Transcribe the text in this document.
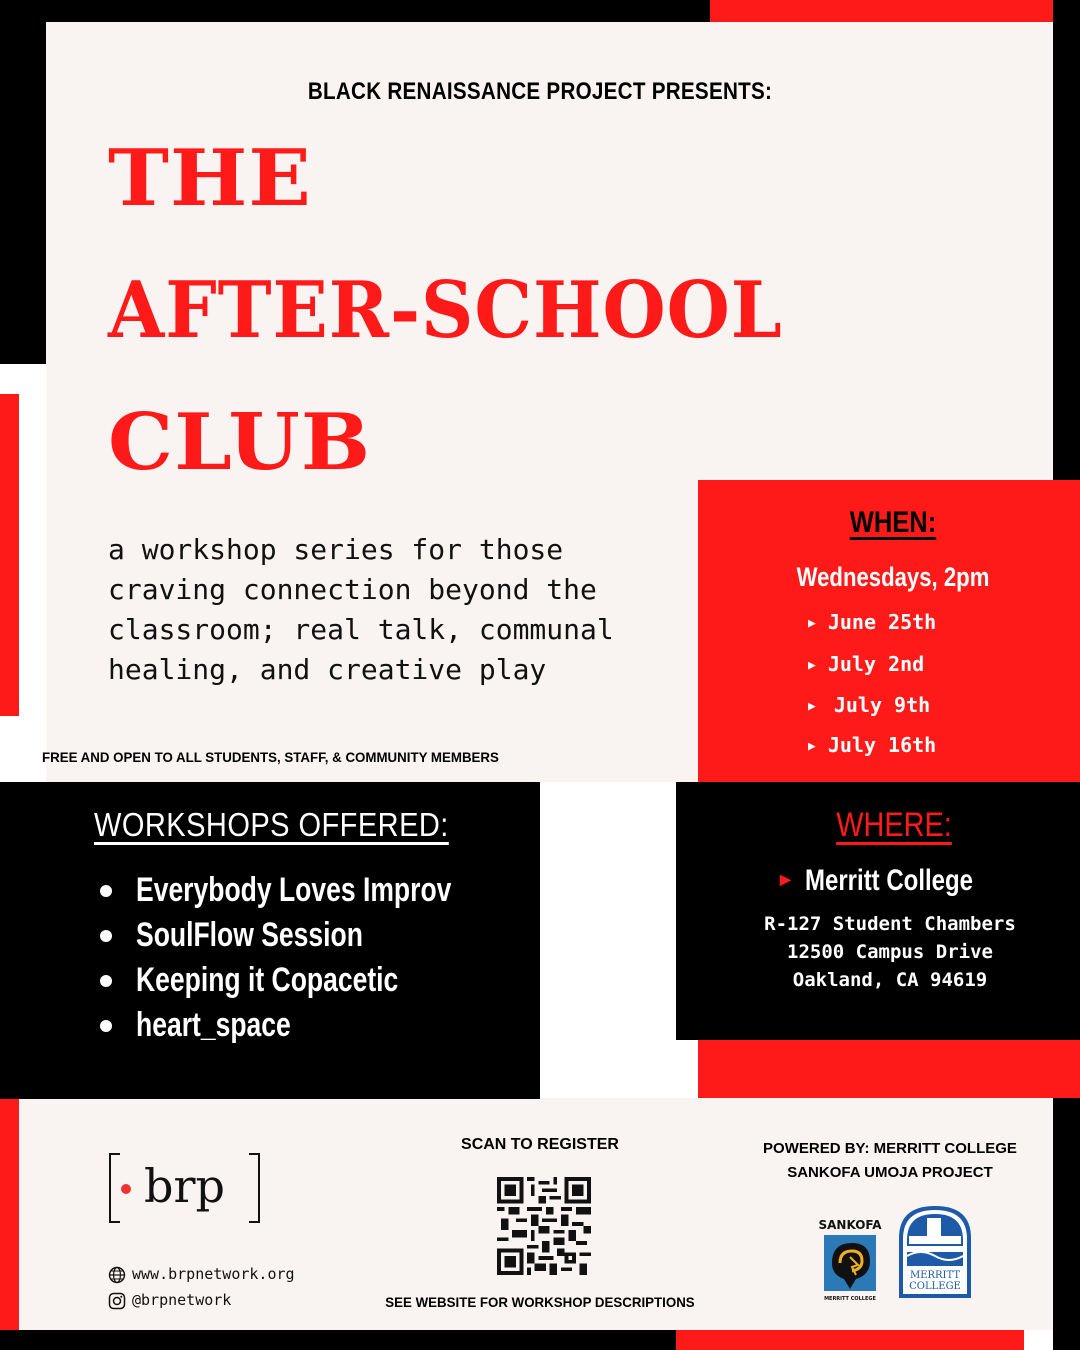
BLACK RENAISSANCE PROJECT PRESENTS:
THE
AFTER-SCHOOL
CLUB
a workshop series for those
craving connection beyond the
classroom; real talk, communal
healing, and creative play
FREE AND OPEN TO ALL STUDENTS, STAFF, & COMMUNITY MEMBERS
WHEN:
Wednesdays, 2pm
▶ June 25th
▶ July 2nd
▶ July 9th
▶ July 16th
WORKSHOPS OFFERED:
Everybody Loves Improv
SoulFlow Session
Keeping it Copacetic
heart_space
WHERE:
▶ Merritt College
R-127 Student Chambers
12500 Campus Drive
Oakland, CA 94619
brp
www.brpnetwork.org
@brpnetwork
SCAN TO REGISTER
SEE WEBSITE FOR WORKSHOP DESCRIPTIONS
POWERED BY: MERRITT COLLEGE
SANKOFA UMOJA PROJECT
SANKOFA
MERRITT COLLEGE
MERRITT
COLLEGE
